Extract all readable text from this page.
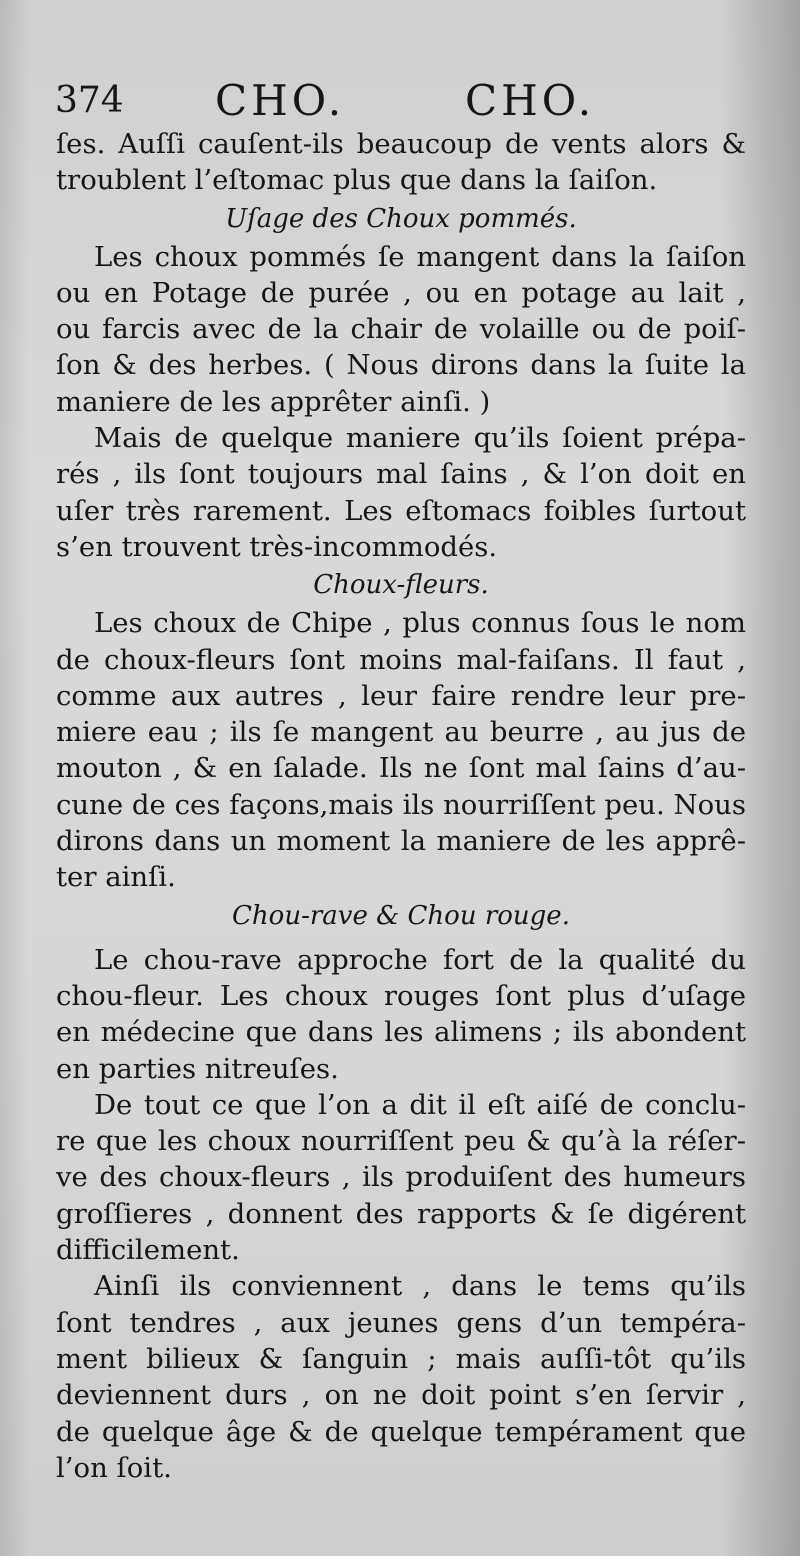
374 CHO.	CHO.
ſes. Auſſi cauſent-ils beaucoup de vents alors &
troublent l’eſtomac plus que dans la ſaiſon.
Uſage des Choux pommés.
Les choux pommés ſe mangent dans la ſaiſon
ou en Potage de purée , ou en potage au lait ,
ou farcis avec de la chair de volaille ou de poiſ-
ſon & des herbes. ( Nous dirons dans la ſuite la
maniere de les apprêter ainſi. )
Mais de quelque maniere qu’ils ſoient prépa-
rés , ils ſont toujours mal ſains , & l’on doit en
uſer très rarement. Les eſtomacs foibles ſurtout
s’en trouvent très-incommodés.
Choux-fleurs.
Les choux de Chipe , plus connus ſous le nom
de choux-fleurs ſont moins mal-faiſans. Il faut ,
comme aux autres , leur faire rendre leur pre-
miere eau ; ils ſe mangent au beurre , au jus de
mouton , & en ſalade. Ils ne ſont mal ſains d’au-
cune de ces façons,mais ils nourriſſent peu. Nous
dirons dans un moment la maniere de les apprê-
ter ainſi.
Chou-rave & Chou rouge.
Le chou-rave approche fort de la qualité du
chou-fleur. Les choux rouges ſont plus d’uſage
en médecine que dans les alimens ; ils abondent
en parties nitreuſes.
De tout ce que l’on a dit il eſt aiſé de conclu-
re que les choux nourriſſent peu & qu’à la réſer-
ve des choux-fleurs , ils produiſent des humeurs
groſſieres , donnent des rapports & ſe digérent
difficilement.
Ainſi ils conviennent , dans le tems qu’ils
ſont tendres , aux jeunes gens d’un tempéra-
ment bilieux & ſanguin ; mais auſſi-tôt qu’ils
deviennent durs , on ne doit point s’en ſervir ,
de quelque âge & de quelque tempérament que
l’on ſoit.
